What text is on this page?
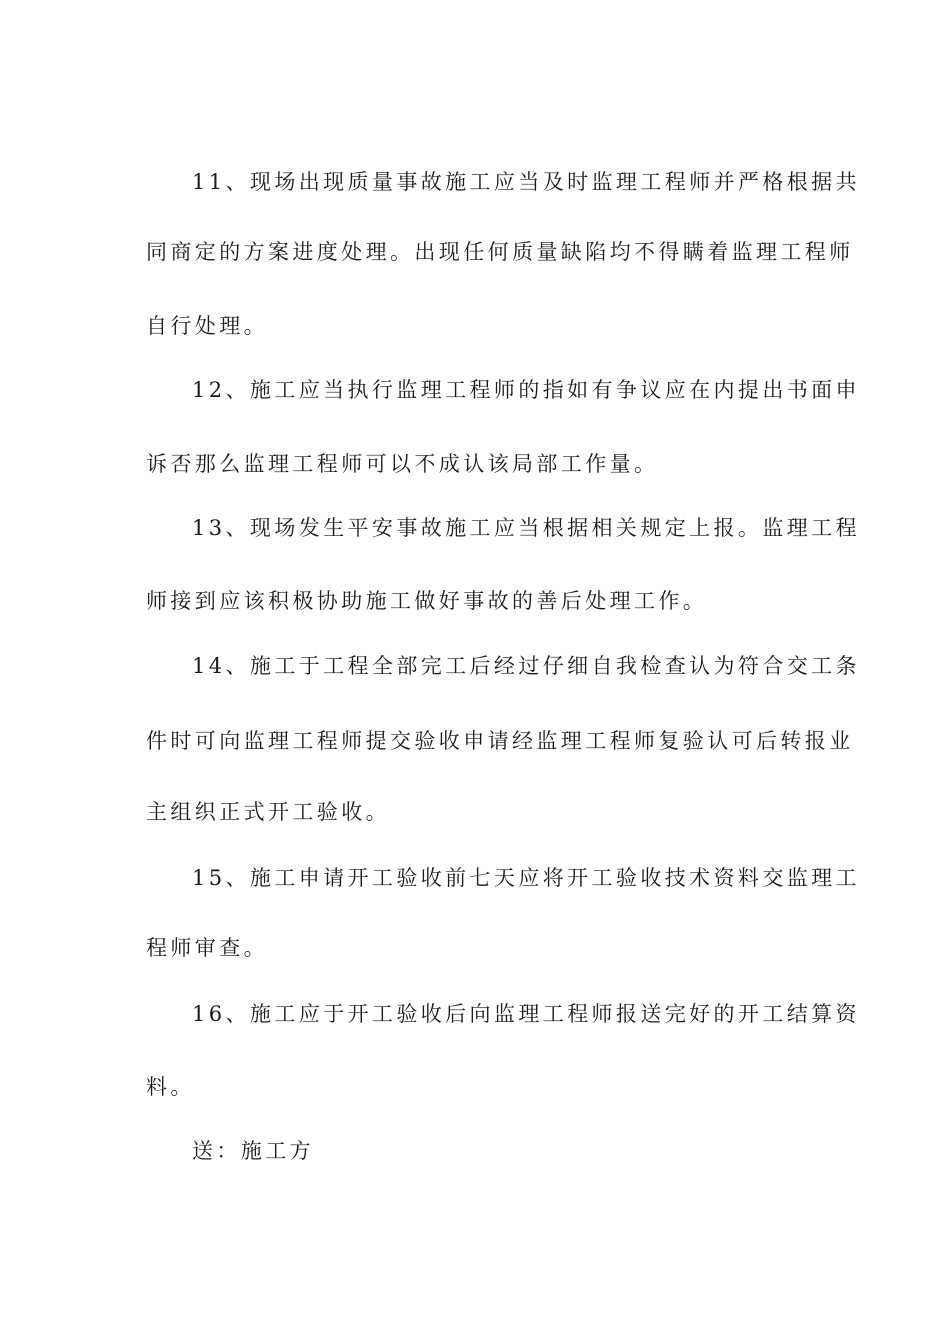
11、现场出现质量事故施工应当及时监理工程师并严格根据共
同商定的方案进度处理。出现任何质量缺陷均不得瞒着监理工程师
自行处理。
12、施工应当执行监理工程师的指如有争议应在内提出书面申
诉否那么监理工程师可以不成认该局部工作量。
13、现场发生平安事故施工应当根据相关规定上报。监理工程
师接到应该积极协助施工做好事故的善后处理工作。
14、施工于工程全部完工后经过仔细自我检查认为符合交工条
件时可向监理工程师提交验收申请经监理工程师复验认可后转报业
主组织正式开工验收。
15、施工申请开工验收前七天应将开工验收技术资料交监理工
程师审查。
16、施工应于开工验收后向监理工程师报送完好的开工结算资
料。
送：施工方
